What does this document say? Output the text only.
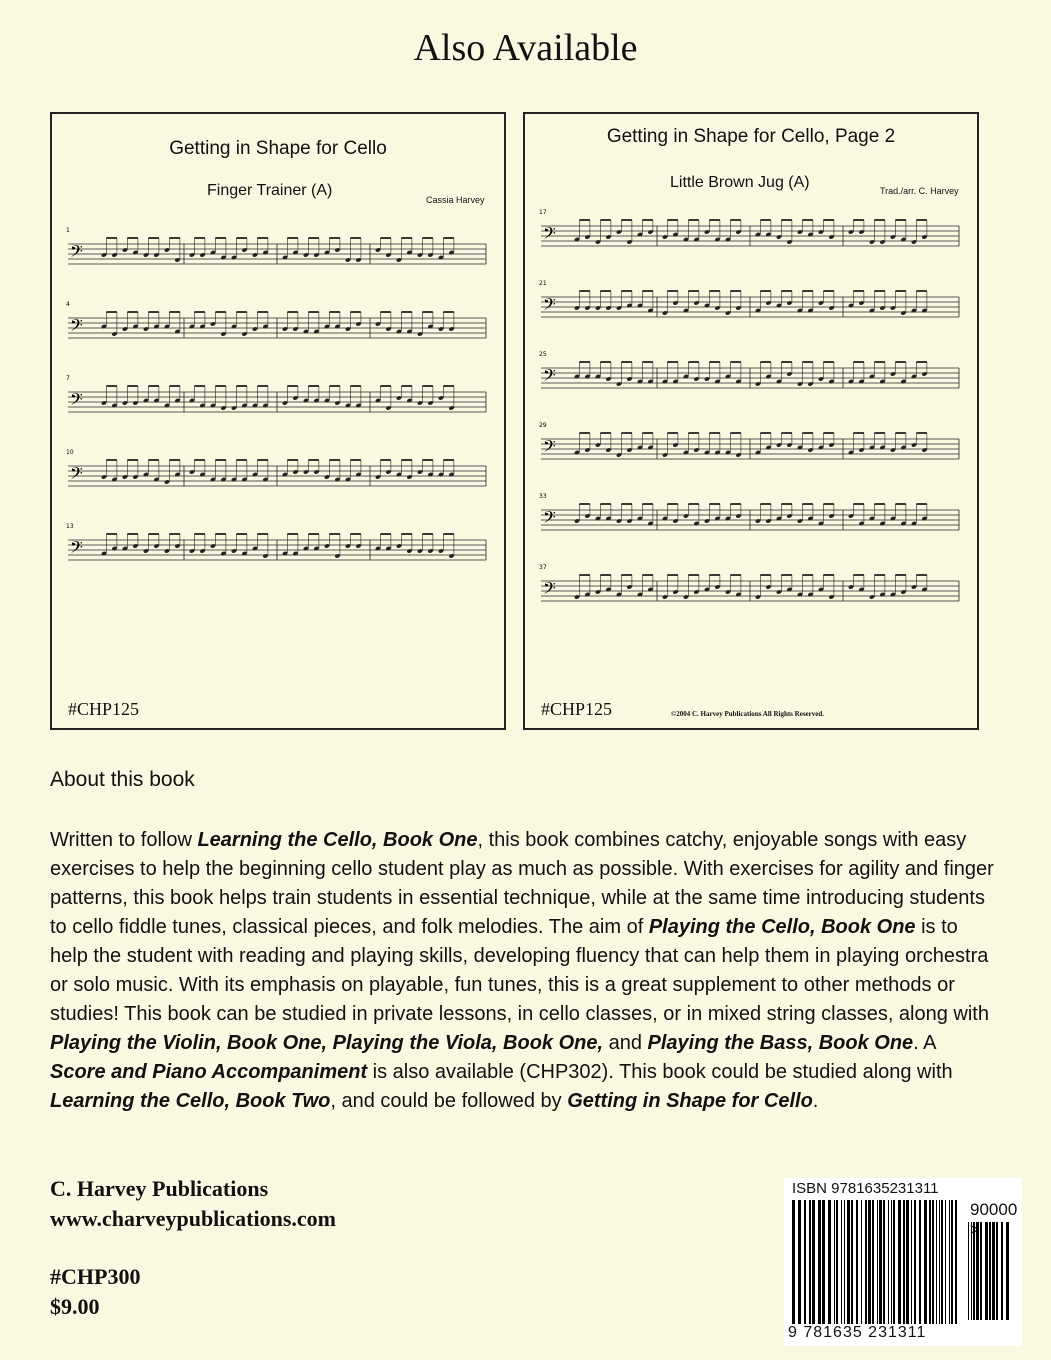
Also Available
𝄢
1
𝄢
4
𝄢
7
𝄢
10
𝄢
13
Getting in Shape for Cello
Finger Trainer (A)
Cassia Harvey
#CHP125
𝄢
17
𝄢
21
𝄢
25
𝄢
29
𝄢
33
𝄢
37
Getting in Shape for Cello, Page 2
Little Brown Jug (A)	Trad./arr. C. Harvey
#CHP125	©2004 C. Harvey Publications All Rights Reserved.
About this book
Written to follow Learning the Cello, Book One, this book combines catchy, enjoyable songs with easy exercises to help the beginning cello student play as much as possible. With exercises for agility and finger patterns, this book helps train students in essential technique, while at the same time introducing students to cello fiddle tunes, classical pieces, and folk melodies. The aim of Playing the Cello, Book One is to help the student with reading and playing skills, developing fluency that can help them in playing orchestra or solo music. With its emphasis on playable, fun tunes, this is a great supplement to other methods or studies! This book can be studied in private lessons, in cello classes, or in mixed string classes, along with Playing the Violin, Book One, Playing the Viola, Book One, and Playing the Bass, Book One. A Score and Piano Accompaniment is also available (CHP302). This book could be studied along with Learning the Cello, Book Two, and could be followed by Getting in Shape for Cello.
C. Harvey Publications
www.charveypublications.com
#CHP300
$9.00
ISBN 9781635231311
90000
9 781635 231311
